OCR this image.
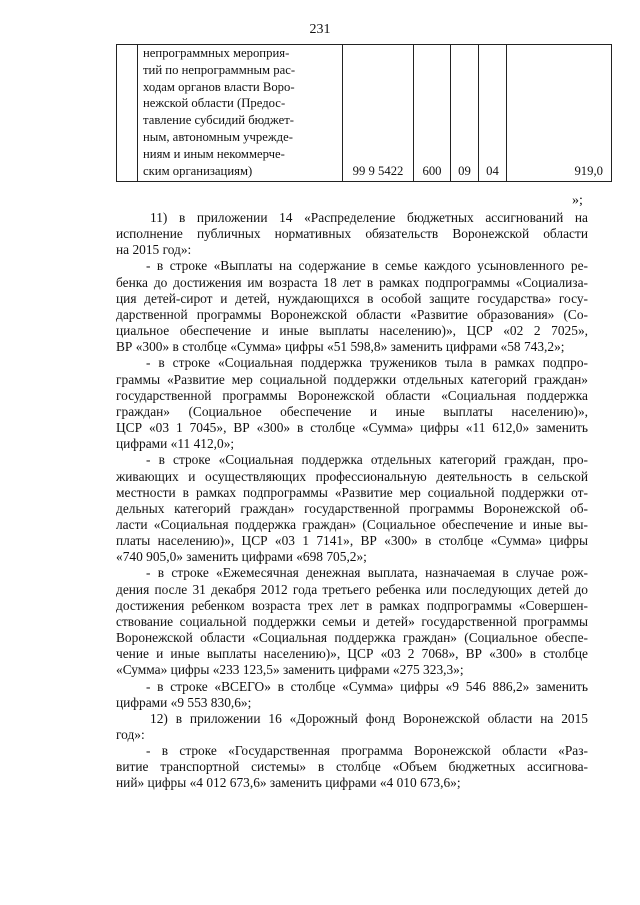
231

непрограммных мероприя-
тий по непрограммным рас-
ходам органов власти Воро-
нежской области (Предос-
тавление субсидий бюджет-
ным, автономным учрежде-
ниям и иным некоммерче-
ским организациям)	99 9 5422	600	09	04	919,0
»;
11) в приложении 14 «Распределение бюджетных ассигнований на
исполнение публичных нормативных обязательств Воронежской области
на 2015 год»:
- в строке «Выплаты на содержание в семье каждого усыновленного ре-
бенка до достижения им возраста 18 лет в рамках подпрограммы «Социализа-
ция детей-сирот и детей, нуждающихся в особой защите государства» госу-
дарственной программы Воронежской области «Развитие образования» (Со-
циальное обеспечение и иные выплаты населению)», ЦСР «02 2 7025»,
ВР «300» в столбце «Сумма» цифры «51 598,8» заменить цифрами «58 743,2»;
- в строке «Социальная поддержка тружеников тыла в рамках подпро-
граммы «Развитие мер социальной поддержки отдельных категорий граждан»
государственной программы Воронежской области «Социальная поддержка
граждан» (Социальное обеспечение и иные выплаты населению)»,
ЦСР «03 1 7045», ВР «300» в столбце «Сумма» цифры «11 612,0» заменить
цифрами «11 412,0»;
- в строке «Социальная поддержка отдельных категорий граждан, про-
живающих и осуществляющих профессиональную деятельность в сельской
местности в рамках подпрограммы «Развитие мер социальной поддержки от-
дельных категорий граждан» государственной программы Воронежской об-
ласти «Социальная поддержка граждан» (Социальное обеспечение и иные вы-
платы населению)», ЦСР «03 1 7141», ВР «300» в столбце «Сумма» цифры
«740 905,0» заменить цифрами «698 705,2»;
- в строке «Ежемесячная денежная выплата, назначаемая в случае рож-
дения после 31 декабря 2012 года третьего ребенка или последующих детей до
достижения ребенком возраста трех лет в рамках подпрограммы «Совершен-
ствование социальной поддержки семьи и детей» государственной программы
Воронежской области «Социальная поддержка граждан» (Социальное обеспе-
чение и иные выплаты населению)», ЦСР «03 2 7068», ВР «300» в столбце
«Сумма» цифры «233 123,5» заменить цифрами «275 323,3»;
- в строке «ВСЕГО» в столбце «Сумма» цифры «9 546 886,2» заменить
цифрами «9 553 830,6»;
12) в приложении 16 «Дорожный фонд Воронежской области на 2015
год»:
- в строке «Государственная программа Воронежской области «Раз-
витие транспортной системы» в столбце «Объем бюджетных ассигнова-
ний» цифры «4 012 673,6» заменить цифрами «4 010 673,6»;
